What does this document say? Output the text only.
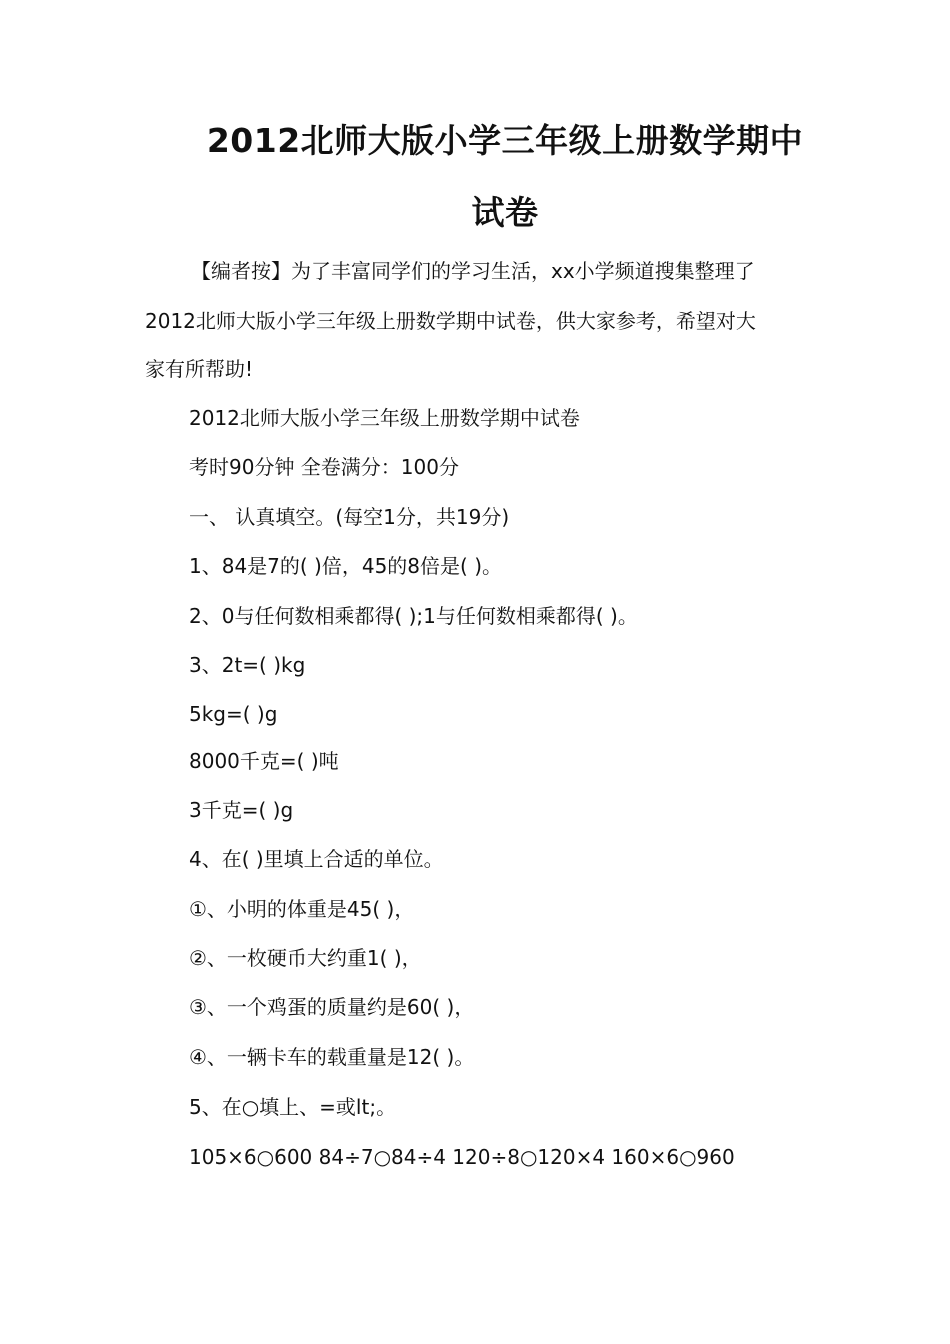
2012北师大版小学三年级上册数学期中
试卷
【编者按】为了丰富同学们的学习生活，xx小学频道搜集整理了
2012北师大版小学三年级上册数学期中试卷，供大家参考，希望对大
家有所帮助!
2012北师大版小学三年级上册数学期中试卷
考时90分钟 全卷满分：100分
一、 认真填空。(每空1分，共19分)
1、84是7的( )倍，45的8倍是( )。
2、0与任何数相乘都得( );1与任何数相乘都得( )。
3、2t=( )kg
5kg=( )g
8000千克=( )吨
3千克=( )g
4、在( )里填上合适的单位。
①、小明的体重是45( )，
②、一枚硬币大约重1( )，
③、一个鸡蛋的质量约是60( )，
④、一辆卡车的载重量是12( )。
5、在○填上、=或lt;。
105×6○600 84÷7○84÷4 120÷8○120×4 160×6○960
